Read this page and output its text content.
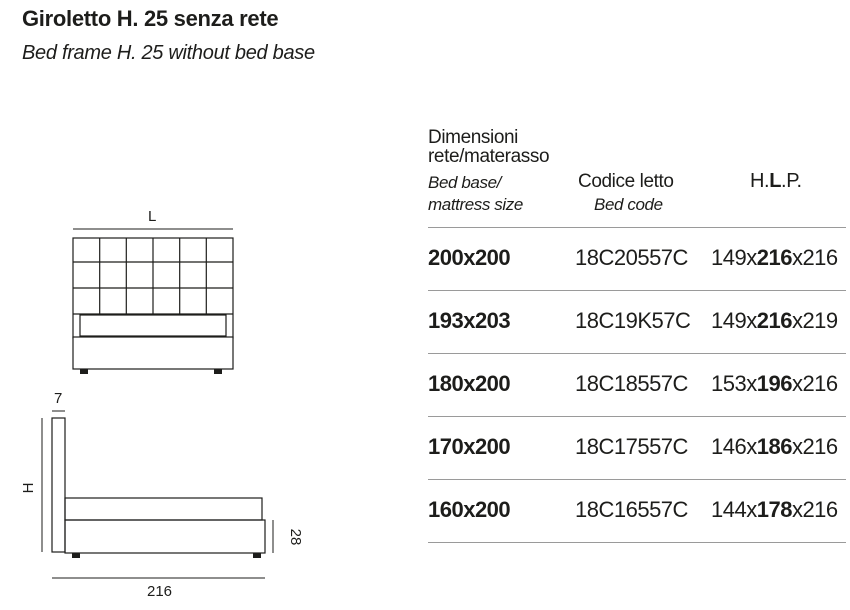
Giroletto H. 25 senza rete
Bed frame H. 25 without bed base
L
7
H
28
216
Dimensioni
rete/materasso
Bed base/
mattress size
Codice letto
Bed code
H.L.P.
200x200	18C20557C 149x216x216
193x203	18C19K57C 149x216x219
180x200	18C18557C 153x196x216
170x200	18C17557C 146x186x216
160x200	18C16557C 144x178x216
